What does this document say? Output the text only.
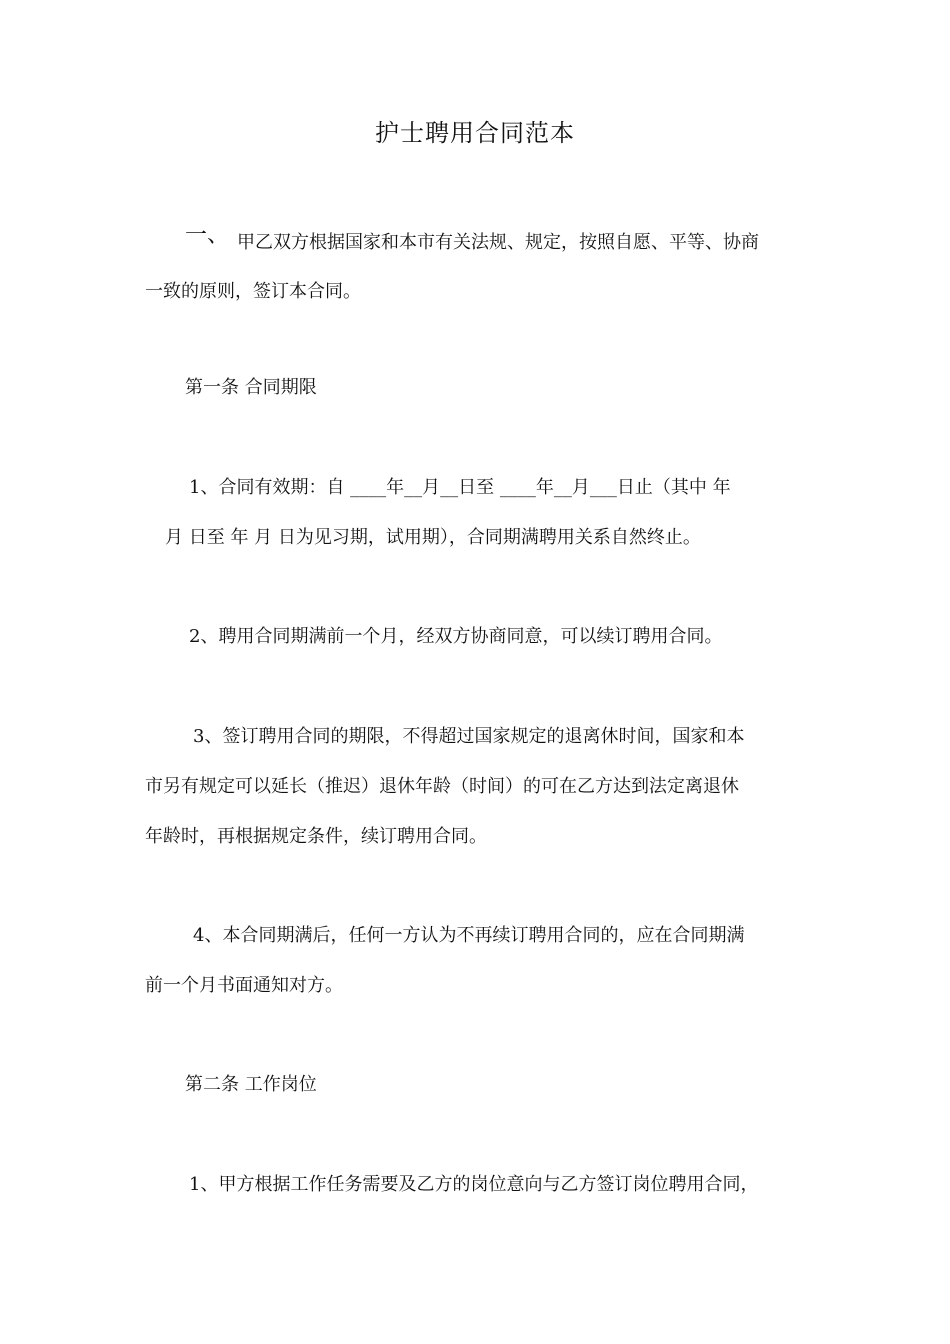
护士聘用合同范本
一、 甲乙双方根据国家和本市有关法规、规定，按照自愿、平等、协商
一致的原则，签订本合同。
第一条 合同期限
1、合同有效期：自 ____年__月__日至 ____年__月___日止（其中 年
月 日至 年 月 日为见习期，试用期），合同期满聘用关系自然终止。
2、聘用合同期满前一个月，经双方协商同意，可以续订聘用合同。
3、签订聘用合同的期限，不得超过国家规定的退离休时间，国家和本
市另有规定可以延长（推迟）退休年龄（时间）的可在乙方达到法定离退休
年龄时，再根据规定条件，续订聘用合同。
4、本合同期满后，任何一方认为不再续订聘用合同的，应在合同期满
前一个月书面通知对方。
第二条 工作岗位
1、甲方根据工作任务需要及乙方的岗位意向与乙方签订岗位聘用合同，
